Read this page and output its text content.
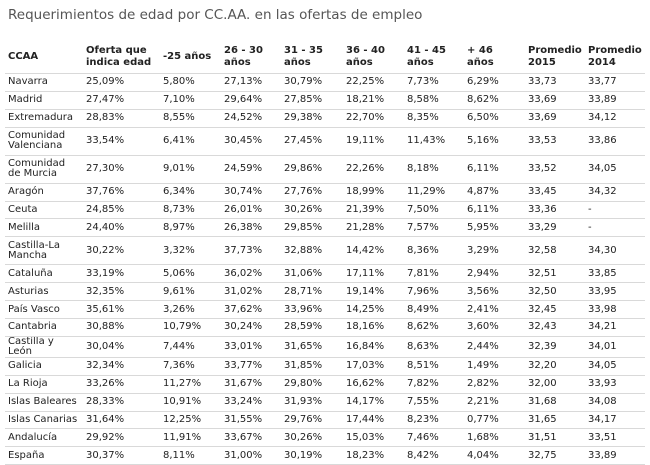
Requerimientos de edad por CC.AA. en las ofertas de empleo
CCAA	Oferta que indica edad	-25 años	26 - 30 años	31 - 35 años	36 - 40 años	41 - 45 años	+ 46 años	Promedio 2015	Promedio 2014
Navarra	25,09%	5,80%	27,13%	30,79%	22,25%	7,73%	6,29%	33,73	33,77
Madrid	27,47%	7,10%	29,64%	27,85%	18,21%	8,58%	8,62%	33,69	33,89
Extremadura	28,83%	8,55%	24,52%	29,38%	22,70%	8,35%	6,50%	33,69	34,12
Comunidad Valenciana	33,54%	6,41%	30,45%	27,45%	19,11%	11,43%	5,16%	33,53	33,86
Comunidad de Murcia	27,30%	9,01%	24,59%	29,86%	22,26%	8,18%	6,11%	33,52	34,05
Aragón	37,76%	6,34%	30,74%	27,76%	18,99%	11,29%	4,87%	33,45	34,32
Ceuta	24,85%	8,73%	26,01%	30,26%	21,39%	7,50%	6,11%	33,36	-
Melilla	24,40%	8,97%	26,38%	29,85%	21,28%	7,57%	5,95%	33,29	-
Castilla-La Mancha	30,22%	3,32%	37,73%	32,88%	14,42%	8,36%	3,29%	32,58	34,30
Cataluña	33,19%	5,06%	36,02%	31,06%	17,11%	7,81%	2,94%	32,51	33,85
Asturias	32,35%	9,61%	31,02%	28,71%	19,14%	7,96%	3,56%	32,50	33,95
País Vasco	35,61%	3,26%	37,62%	33,96%	14,25%	8,49%	2,41%	32,45	33,98
Cantabria	30,88%	10,79%	30,24%	28,59%	18,16%	8,62%	3,60%	32,43	34,21
Castilla y León	30,04%	7,44%	33,01%	31,65%	16,84%	8,63%	2,44%	32,39	34,01
Galicia	32,34%	7,36%	33,77%	31,85%	17,03%	8,51%	1,49%	32,20	34,05
La Rioja	33,26%	11,27%	31,67%	29,80%	16,62%	7,82%	2,82%	32,00	33,93
Islas Baleares	28,33%	10,91%	33,24%	31,93%	14,17%	7,55%	2,21%	31,68	34,08
Islas Canarias	31,64%	12,25%	31,55%	29,76%	17,44%	8,23%	0,77%	31,65	34,17
Andalucía	29,92%	11,91%	33,67%	30,26%	15,03%	7,46%	1,68%	31,51	33,51
España	30,37%	8,11%	31,00%	30,19%	18,23%	8,42%	4,04%	32,75	33,89
